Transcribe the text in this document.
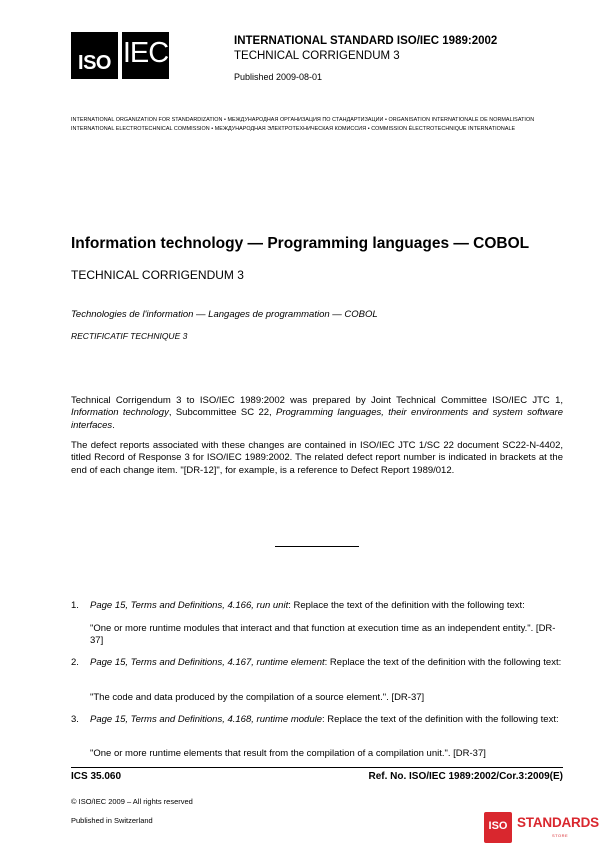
ISO IEC	INTERNATIONAL STANDARD ISO/IEC 1989:2002
TECHNICAL CORRIGENDUM 3
Published 2009-08-01
INTERNATIONAL ORGANIZATION FOR STANDARDIZATION • МЕЖДУНАРОДНАЯ ОРГАНИЗАЦИЯ ПО СТАНДАРТИЗАЦИИ • ORGANISATION INTERNATIONALE DE NORMALISATION
INTERNATIONAL ELECTROTECHNICAL COMMISSION • МЕЖДУНАРОДНАЯ ЭЛЕКТРОТЕХНИЧЕСКАЯ КОМИССИЯ • COMMISSION ÉLECTROTECHNIQUE INTERNATIONALE
Information technology — Programming languages — COBOL
TECHNICAL CORRIGENDUM 3
Technologies de l'information — Langages de programmation — COBOL
RECTIFICATIF TECHNIQUE 3
Technical Corrigendum 3 to ISO/IEC 1989:2002 was prepared by Joint Technical Committee ISO/IEC JTC 1, Information technology, Subcommittee SC 22, Programming languages, their environments and system software interfaces.
The defect reports associated with these changes are contained in ISO/IEC JTC 1/SC 22 document SC22-N-4402, titled Record of Response 3 for ISO/IEC 1989:2002. The related defect report number is indicated in brackets at the end of each change item. "[DR-12]", for example, is a reference to Defect Report 1989/012.
1. Page 15, Terms and Definitions, 4.166, run unit: Replace the text of the definition with the following text:
"One or more runtime modules that interact and that function at execution time as an independent entity.". [DR-37]
2. Page 15, Terms and Definitions, 4.167, runtime element: Replace the text of the definition with the following text:
"The code and data produced by the compilation of a source element.". [DR-37]
3. Page 15, Terms and Definitions, 4.168, runtime module: Replace the text of the definition with the following text:
"One or more runtime elements that result from the compilation of a compilation unit.". [DR-37]
ICS 35.060	Ref. No. ISO/IEC 1989:2002/Cor.3:2009(E)
© ISO/IEC 2009 – All rights reserved
Published in Switzerland	ISO STANDARDS
STORE
